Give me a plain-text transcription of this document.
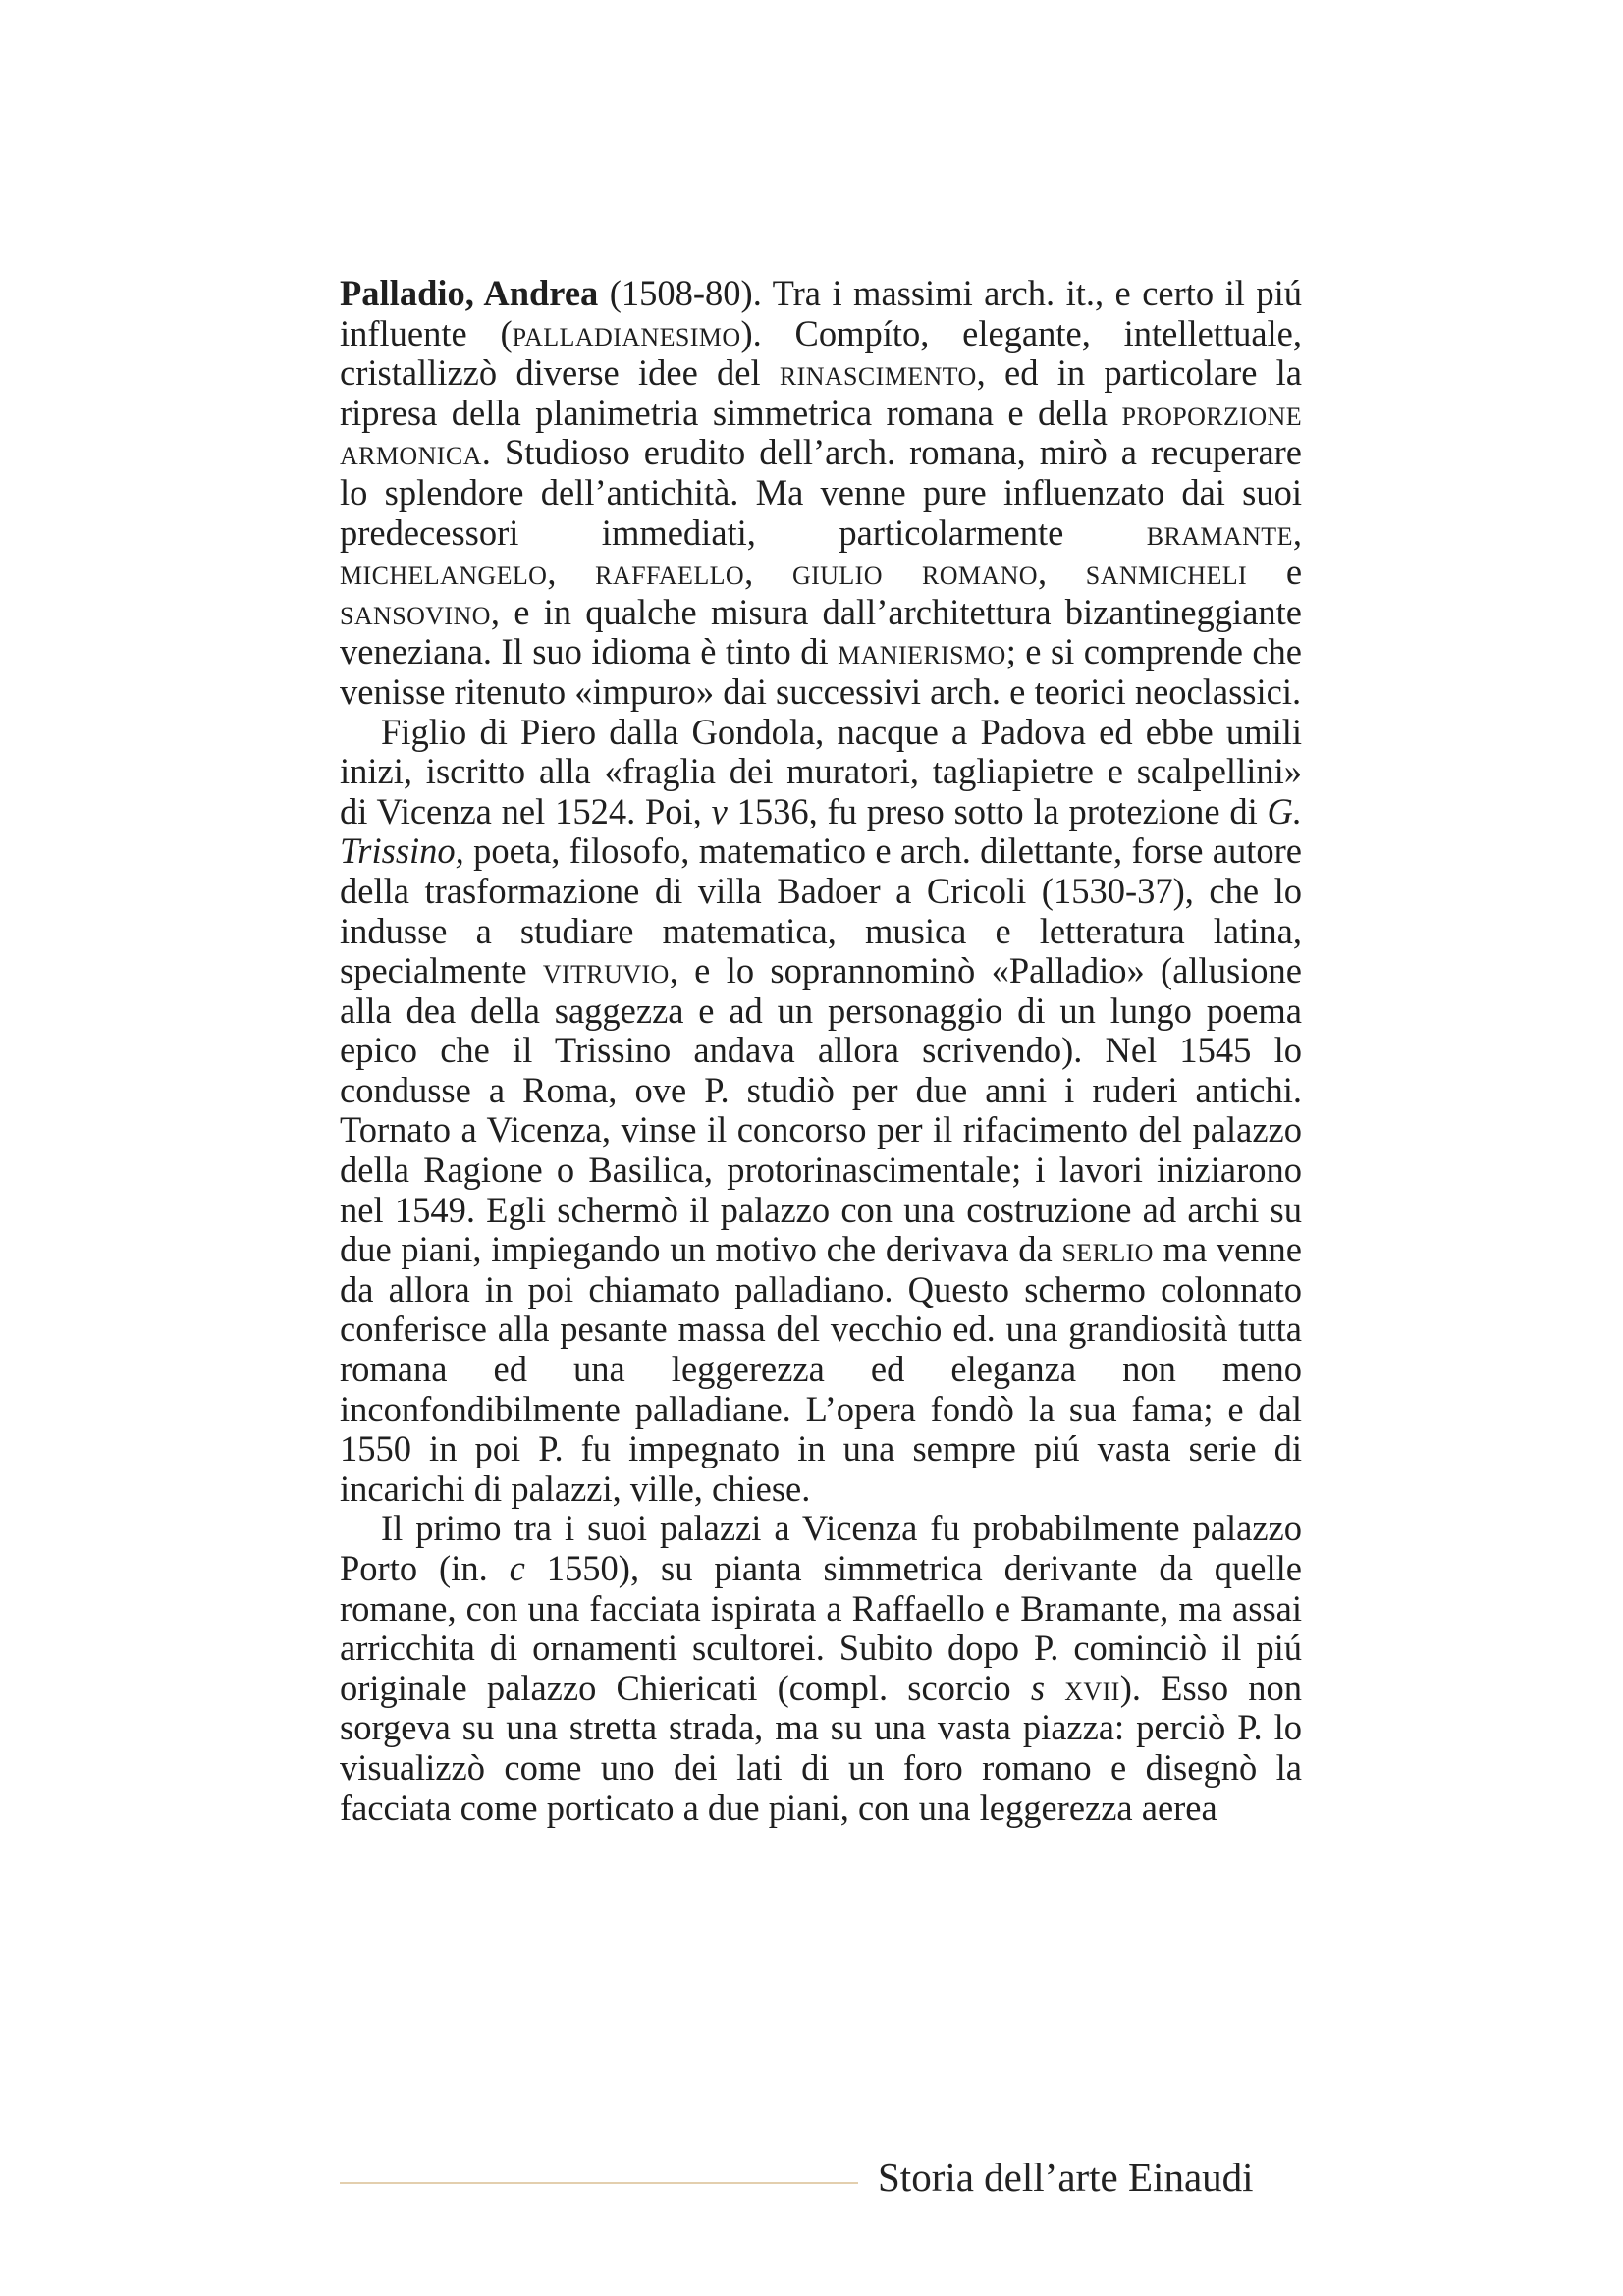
Palladio, Andrea (1508-80). Tra i massimi arch. it., e certo il piú influente (palladianesimo). Compíto, elegante, intellettuale, cristallizzò diverse idee del rinascimento, ed in particolare la ripresa della planimetria simmetrica romana e della proporzione armonica. Studioso erudito dell’arch. romana, mirò a recuperare lo splendore dell’antichità. Ma venne pure influenzato dai suoi predecessori immediati, particolarmente bramante, michelangelo, raffaello, giulio romano, sanmicheli e sansovino, e in qualche misura dall’architettura bizantineggiante veneziana. Il suo idioma è tinto di manierismo; e si comprende che venisse ritenuto «impuro» dai successivi arch. e teorici neoclassici.

Figlio di Piero dalla Gondola, nacque a Padova ed ebbe umili inizi, iscritto alla «fraglia dei muratori, tagliapietre e scalpellini» di Vicenza nel 1524. Poi, v 1536, fu preso sotto la protezione di G. Trissino, poeta, filosofo, matematico e arch. dilettante, forse autore della trasformazione di villa Badoer a Cricoli (1530-37), che lo indusse a studiare matematica, musica e letteratura latina, specialmente vitruvio, e lo soprannominò «Palladio» (allusione alla dea della saggezza e ad un personaggio di un lungo poema epico che il Trissino andava allora scrivendo). Nel 1545 lo condusse a Roma, ove P. studiò per due anni i ruderi antichi. Tornato a Vicenza, vinse il concorso per il rifacimento del palazzo della Ragione o Basilica, protorinascimentale; i lavori iniziarono nel 1549. Egli schermò il palazzo con una costruzione ad archi su due piani, impiegando un motivo che derivava da serlio ma venne da allora in poi chiamato palladiano. Questo schermo colonnato conferisce alla pesante massa del vecchio ed. una grandiosità tutta romana ed una leggerezza ed eleganza non meno inconfondibilmente palladiane. L’opera fondò la sua fama; e dal 1550 in poi P. fu impegnato in una sempre piú vasta serie di incarichi di palazzi, ville, chiese.

Il primo tra i suoi palazzi a Vicenza fu probabilmente palazzo Porto (in. c 1550), su pianta simmetrica derivante da quelle romane, con una facciata ispirata a Raffaello e Bramante, ma assai arricchita di ornamenti scultorei. Subito dopo P. cominciò il piú originale palazzo Chiericati (compl. scorcio s xvii). Esso non sorgeva su una stretta strada, ma su una vasta piazza: perciò P. lo visualizzò come uno dei lati di un foro romano e disegnò la facciata come porticato a due piani, con una leggerezza aerea

Storia dell’arte Einaudi
